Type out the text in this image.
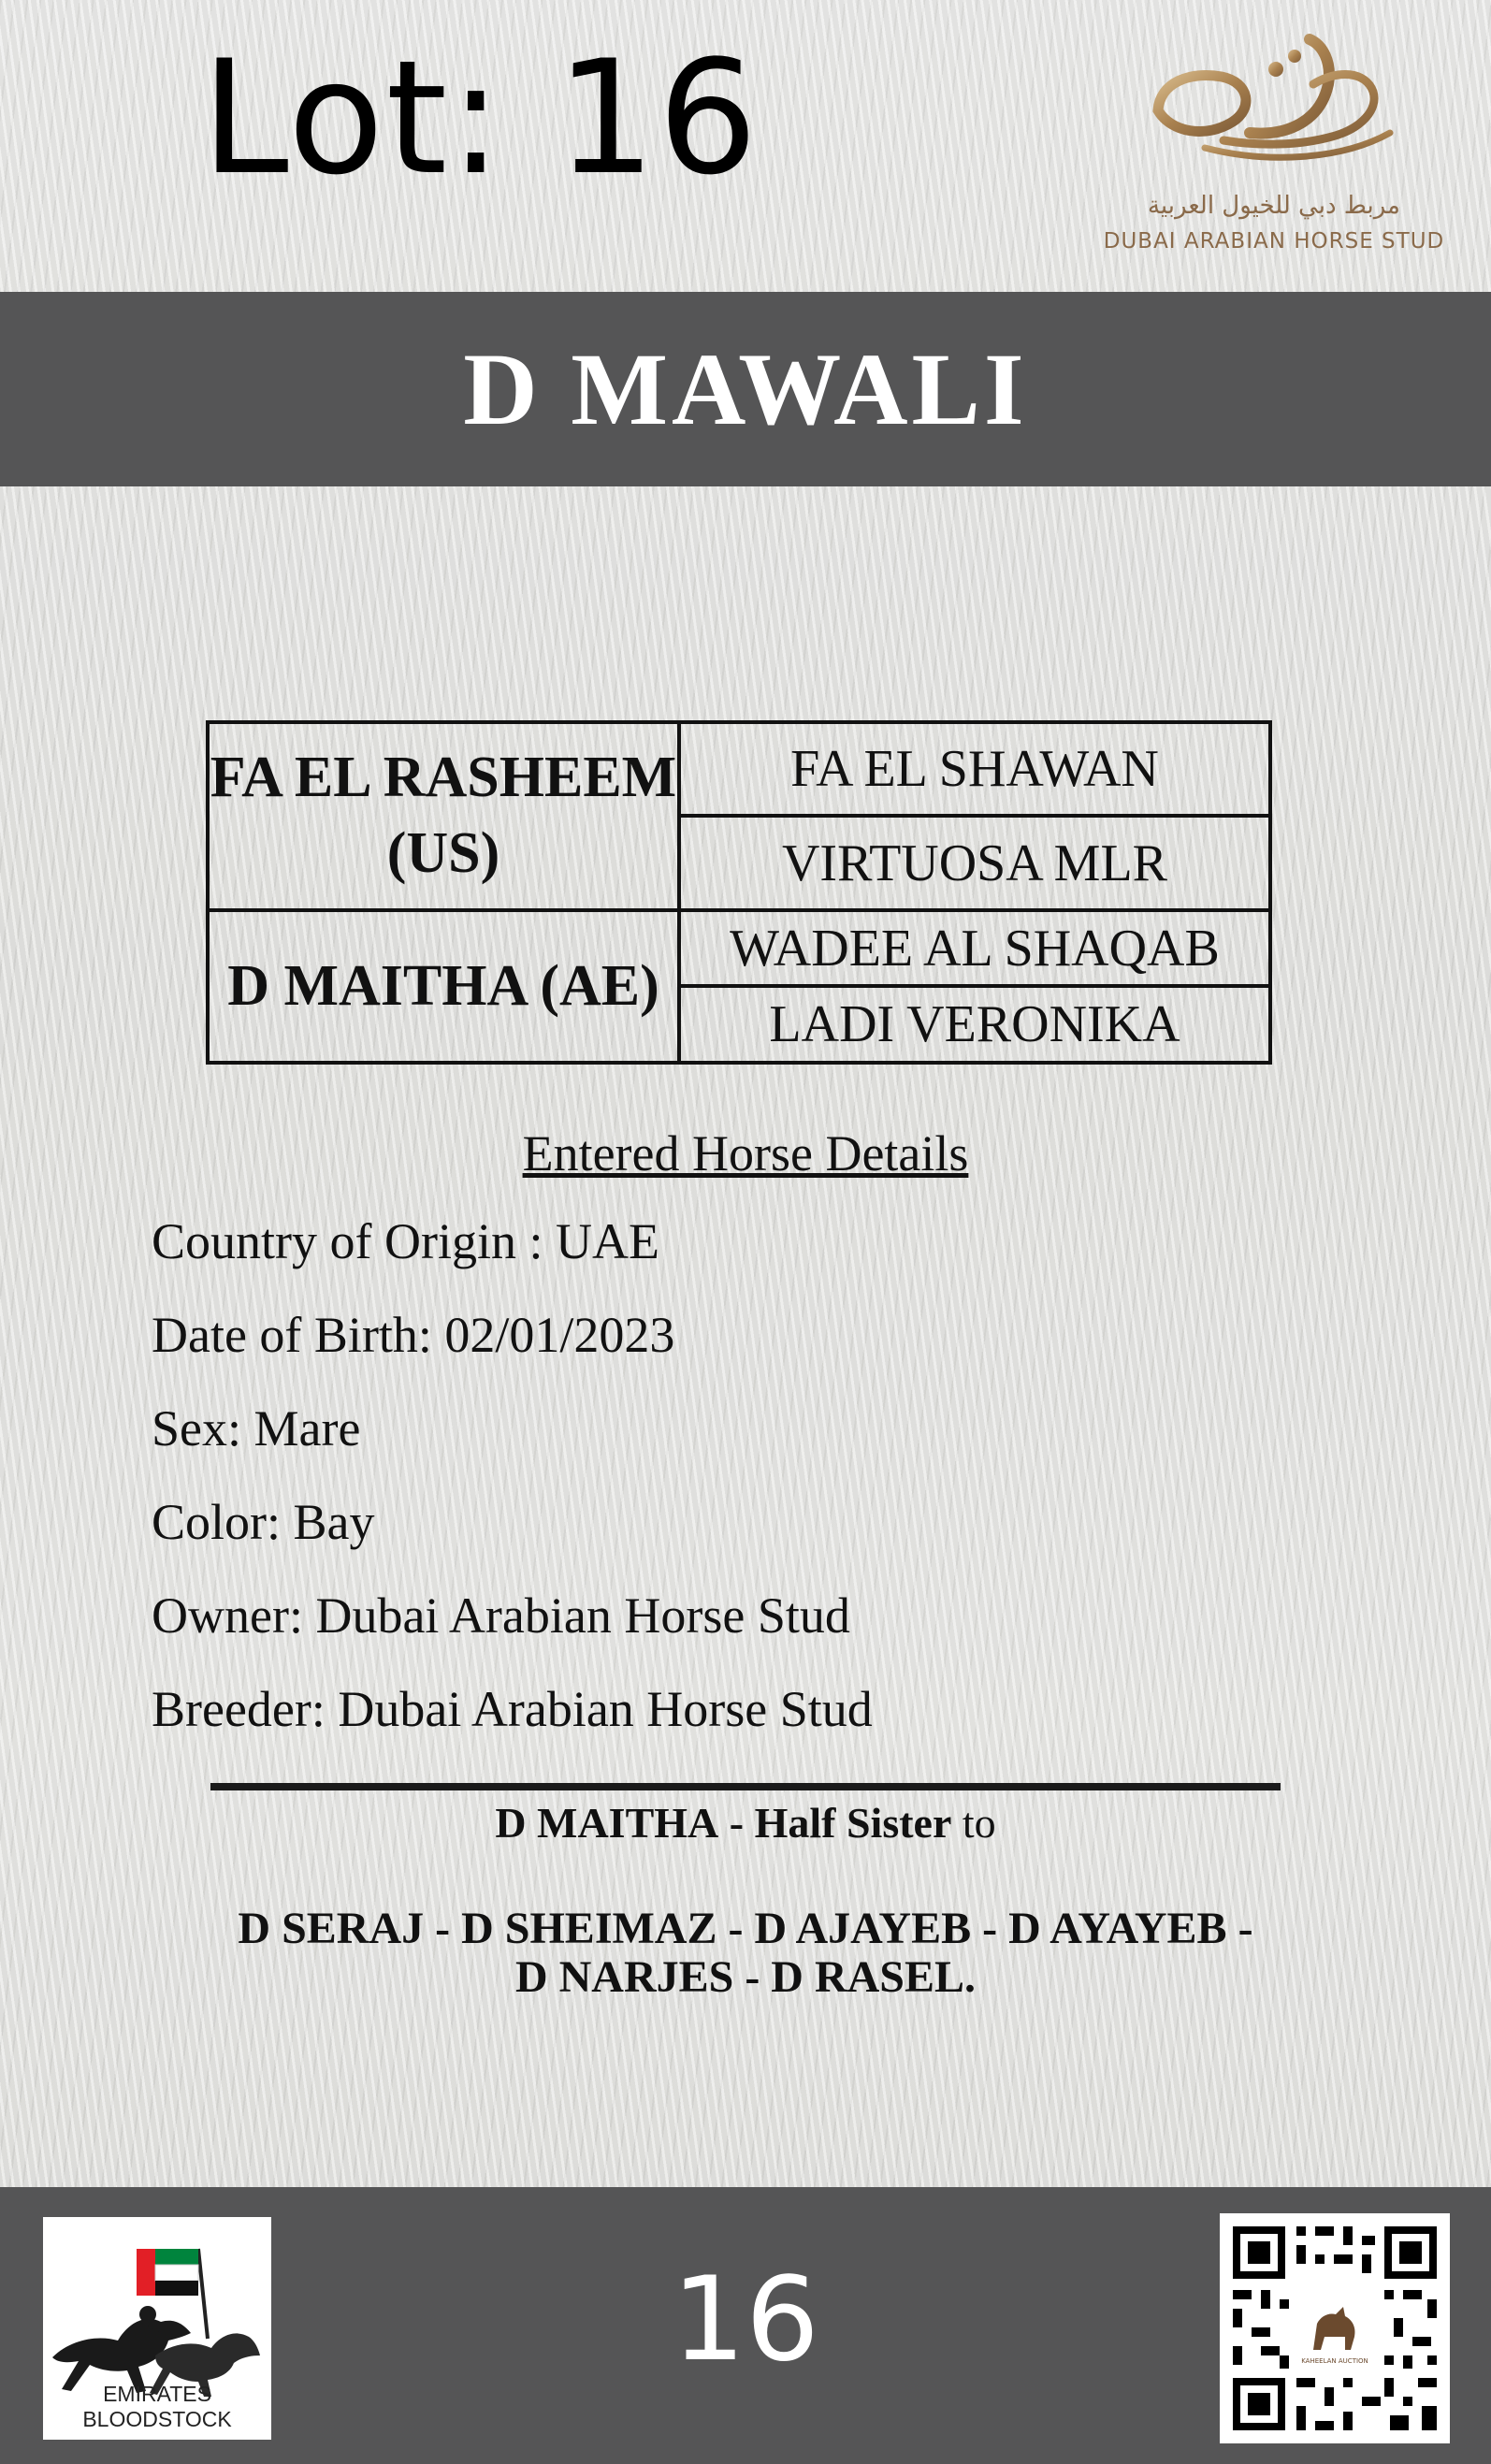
Lot: 16	مربط دبي للخيول العربية
DUBAI ARABIAN HORSE STUD
D MAWALI
FA EL RASHEEM (US)	FA EL SHAWAN
	VIRTUOSA MLR
D MAITHA (AE)	WADEE AL SHAQAB
	LADI VERONIKA
Entered Horse Details
Country of Origin : UAE
Date of Birth: 02/01/2023
Sex: Mare
Color: Bay
Owner: Dubai Arabian Horse Stud
Breeder: Dubai Arabian Horse Stud
D MAITHA - Half Sister to
D SERAJ - D SHEIMAZ - D AJAYEB - D AYAYEB - D NARJES - D RASEL.
EMIRATES BLOODSTOCK
16	KAHEELAN AUCTION
